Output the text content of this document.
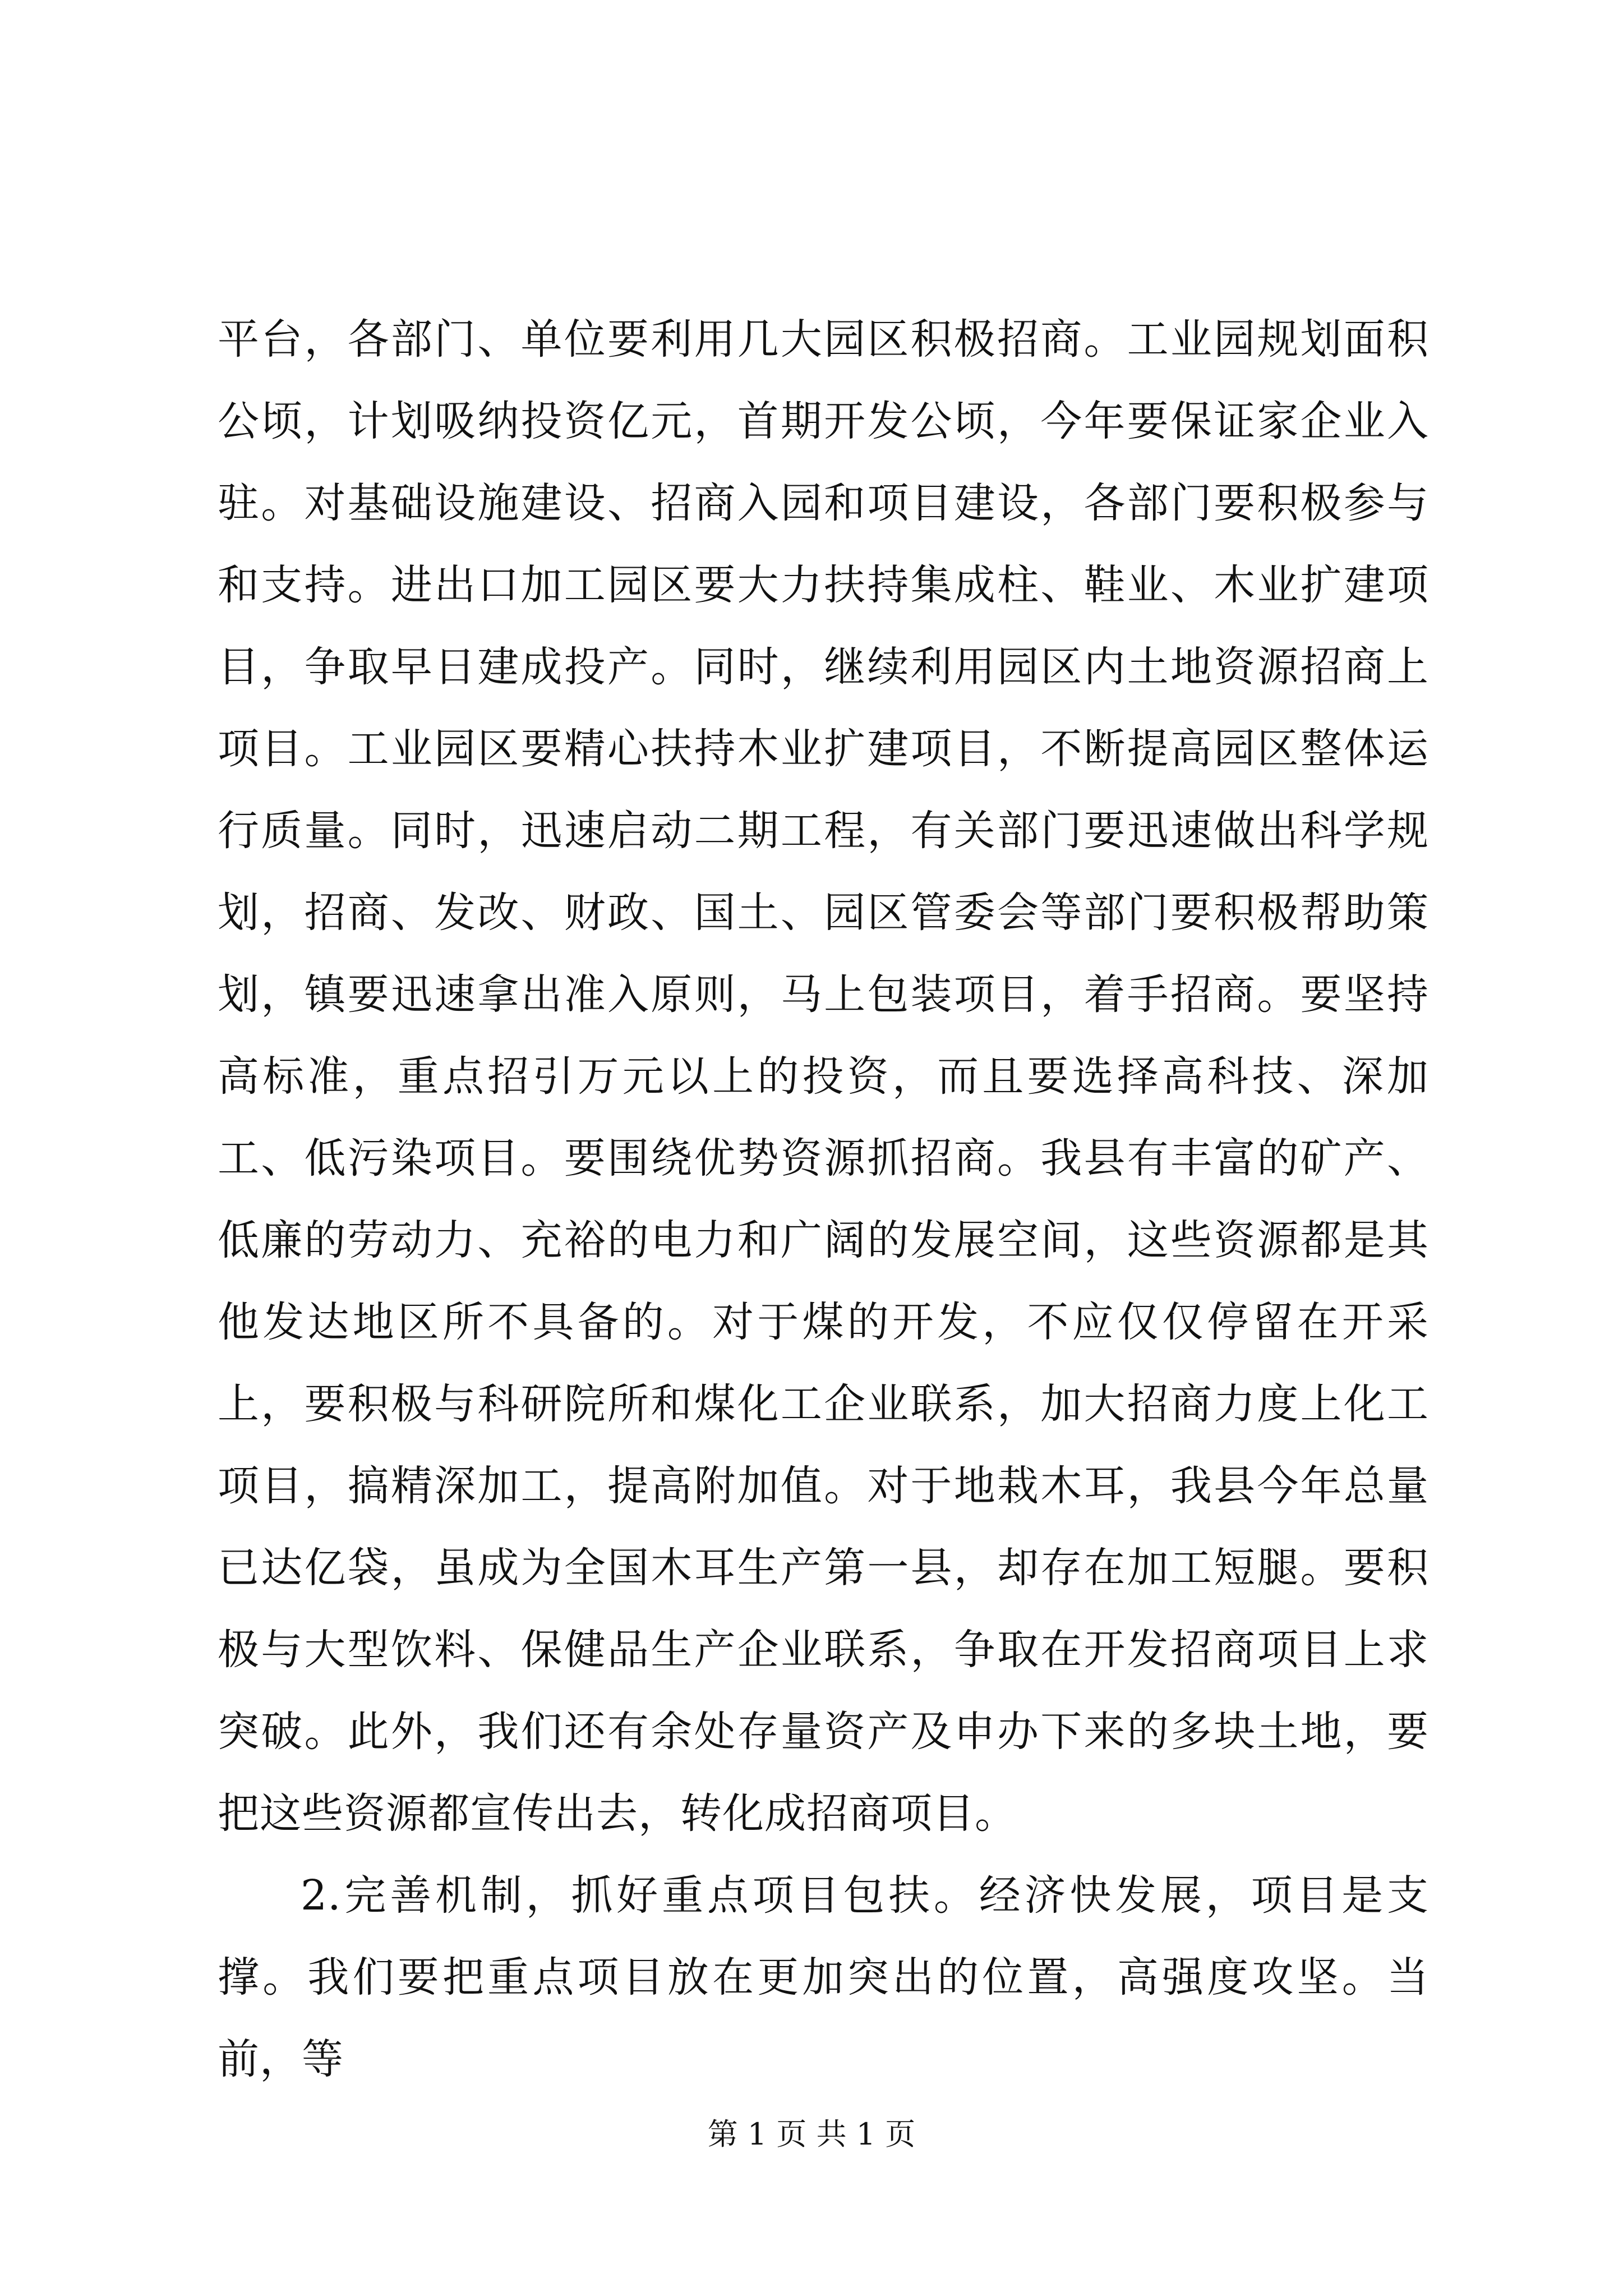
平台，各部门、单位要利用几大园区积极招商。工业园规划面积公顷，计划吸纳投资亿元，首期开发公顷，今年要保证家企业入驻。对基础设施建设、招商入园和项目建设，各部门要积极参与和支持。进出口加工园区要大力扶持集成柱、鞋业、木业扩建项目，争取早日建成投产。同时，继续利用园区内土地资源招商上项目。工业园区要精心扶持木业扩建项目，不断提高园区整体运行质量。同时，迅速启动二期工程，有关部门要迅速做出科学规划，招商、发改、财政、国土、园区管委会等部门要积极帮助策划，镇要迅速拿出准入原则，马上包装项目，着手招商。要坚持高标准，重点招引万元以上的投资，而且要选择高科技、深加工、低污染项目。要围绕优势资源抓招商。我县有丰富的矿产、低廉的劳动力、充裕的电力和广阔的发展空间，这些资源都是其他发达地区所不具备的。对于煤的开发，不应仅仅停留在开采上，要积极与科研院所和煤化工企业联系，加大招商力度上化工项目，搞精深加工，提高附加值。对于地栽木耳，我县今年总量已达亿袋，虽成为全国木耳生产第一县，却存在加工短腿。要积极与大型饮料、保健品生产企业联系，争取在开发招商项目上求突破。此外，我们还有余处存量资产及申办下来的多块土地，要把这些资源都宣传出去，转化成招商项目。

2.完善机制，抓好重点项目包扶。经济快发展，项目是支撑。我们要把重点项目放在更加突出的位置，高强度攻坚。当前，等

第 1 页 共 1 页
